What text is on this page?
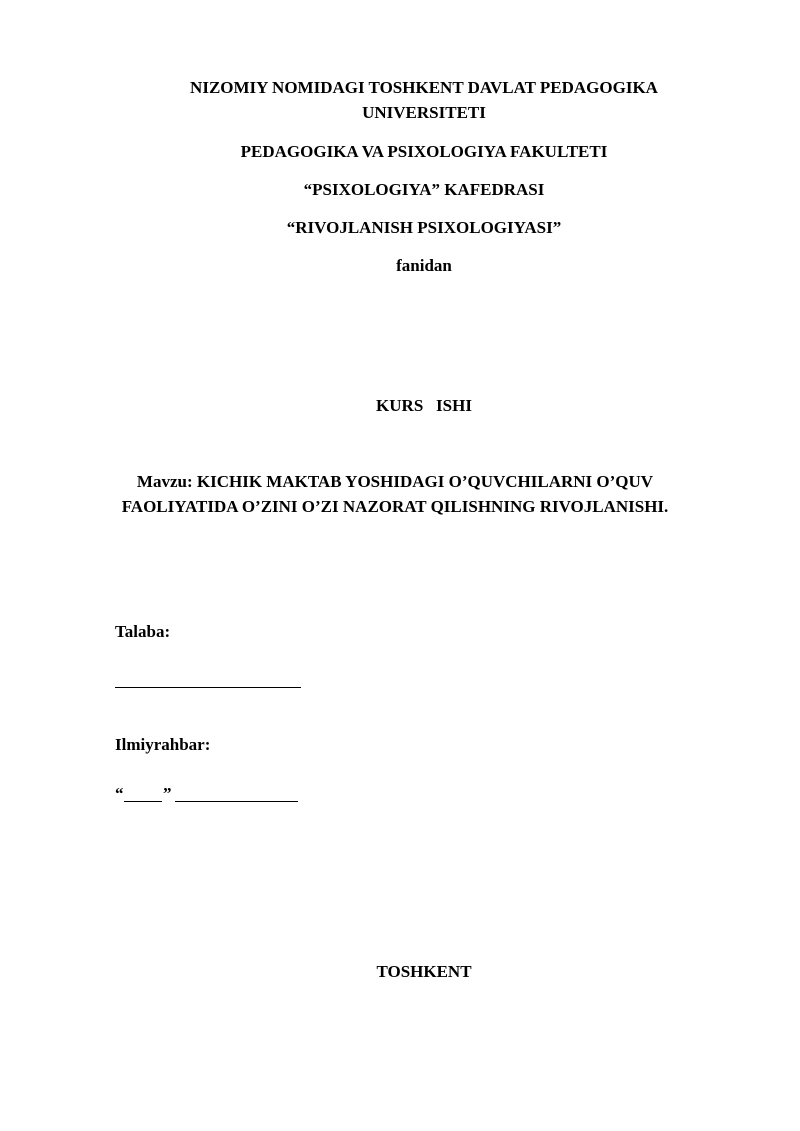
NIZOMIY NOMIDAGI TOSHKENT DAVLAT PEDAGOGIKA
UNIVERSITETI
PEDAGOGIKA VA PSIXOLOGIYA FAKULTETI
“PSIXOLOGIYA” KAFEDRASI
“RIVOJLANISH PSIXOLOGIYASI”
fanidan
KURS   ISHI
Mavzu: KICHIK MAKTAB YOSHIDAGI O’QUVCHILARNI O’QUV
FAOLIYATIDA O’ZINI O’ZI NAZORAT QILISHNING RIVOJLANISHI.
Talaba:
Ilmiyrahbar:
“ ”
TOSHKENT
